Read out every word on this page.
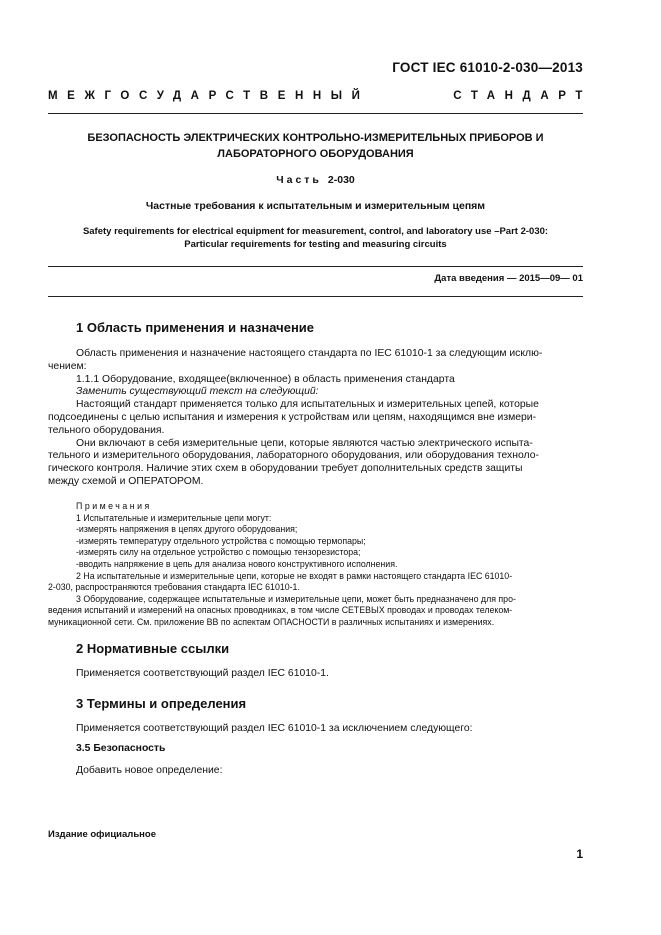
ГОСТ IEC 61010-2-030—2013
МЕЖГОСУДАРСТВЕННЫЙ	СТАНДАРТ
БЕЗОПАСНОСТЬ ЭЛЕКТРИЧЕСКИХ КОНТРОЛЬНО-ИЗМЕРИТЕЛЬНЫХ ПРИБОРОВ И
ЛАБОРАТОРНОГО ОБОРУДОВАНИЯ
Часть 2-030
Частные требования к испытательным и измерительным цепям
Safety requirements for electrical equipment for measurement, control, and laboratory use –Part 2-030:
Particular requirements for testing and measuring circuits
Дата введения — 2015—09— 01
1 Область применения и назначение

Область применения и назначение настоящего стандарта по IEC 61010-1 за следующим исклю-

чением:

1.1.1 Оборудование, входящее(включенное) в область применения стандарта

Заменить существующий текст на следующий:

Настоящий стандарт применяется только для испытательных и измерительных цепей, которые

подсоединены с целью испытания и измерения к устройствам или цепям, находящимся вне измери-

тельного оборудования.

Они включают в себя измерительные цепи, которые являются частью электрического испыта-

тельного и измерительного оборудования, лабораторного оборудования, или оборудования техноло-

гического контроля. Наличие этих схем в оборудовании требует дополнительных средств защиты

между схемой и ОПЕРАТОРОМ.

Примечания

1 Испытательные и измерительные цепи могут:

-измерять напряжения в цепях другого оборудования;

-измерять температуру отдельного устройства с помощью термопары;

-измерять силу на отдельное устройство с помощью тензорезистора;

-вводить напряжение в цепь для анализа нового конструктивного исполнения.

2 На испытательные и измерительные цепи, которые не входят в рамки настоящего стандарта IEC 61010-

2-030, распространяются требования стандарта IEC 61010-1.

3 Оборудование, содержащее испытательные и измерительные цепи, может быть предназначено для про-

ведения испытаний и измерений на опасных проводниках, в том числе СЕТЕВЫХ проводах и проводах телеком-

муникационной сети. См. приложение ВВ по аспектам ОПАСНОСТИ в различных испытаниях и измерениях.

2 Нормативные ссылки
Применяется соответствующий раздел IEC 61010-1.
3 Термины и определения
Применяется соответствующий раздел IEC 61010-1 за исключением следующего:
3.5 Безопасность
Добавить новое определение:
Издание официальное
1
